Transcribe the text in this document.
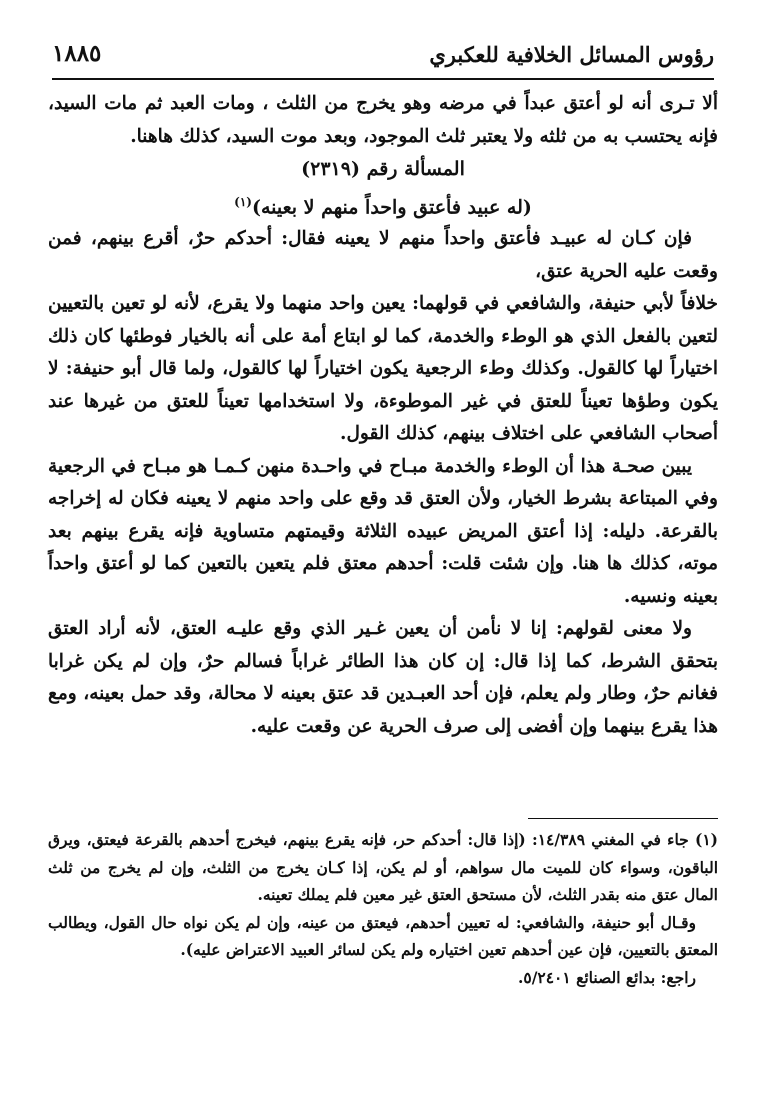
رؤوس المسائل الخلافية للعكبري
١٨٨٥

ألا تـرى أنه لو أعتق عبداً في مرضه وهو يخرج من الثلث ، ومات العبد ثم مات السيد، فإنه يحتسب به من ثلثه ولا يعتبر ثلث الموجود، وبعد موت السيد، كذلك هاهنا.

المسألة رقم (٢٣١٩)

(له عبيد فأعتق واحداً منهم لا بعينه)$^{(١)}$

فإن كـان له عبيـد فأعتق واحداً منهم لا يعينه فقال: أحدكم حرٌ، أقرع بينهم، فمن وقعت عليه الحرية عتق،

خلافاً لأبي حنيفة، والشافعي في قولهما: يعين واحد منهما ولا يقرع، لأنه لو تعين بالتعيين لتعين بالفعل الذي هو الوطء والخدمة، كما لو ابتاع أمة على أنه بالخيار فوطئها كان ذلك اختياراً لها كالقول. وكذلك وطء الرجعية يكون اختياراً لها كالقول، ولما قال أبو حنيفة: لا يكون وطؤها تعيناً للعتق في غير الموطوءة، ولا استخدامها تعيناً للعتق من غيرها عند أصحاب الشافعي على اختلاف بينهم، كذلك القول.

يبين صحـة هذا أن الوطء والخدمة مبـاح في واحـدة منهن كـمـا هو مبـاح في الرجعية وفي المبتاعة بشرط الخيار، ولأن العتق قد وقع على واحد منهم لا يعينه فكان له إخراجه بالقرعة. دليله: إذا أعتق المريض عبيده الثلاثة وقيمتهم متساوية فإنه يقرع بينهم بعد موته، كذلك ها هنا. وإن شئت قلت: أحدهم معتق فلم يتعين بالتعين كما لو أعتق واحداً بعينه ونسيه.

ولا معنى لقولهم: إنا لا نأمن أن يعين غـير الذي وقع عليـه العتق، لأنه أراد العتق بتحقق الشرط، كما إذا قال: إن كان هذا الطائر غراباً فسالم حرٌ، وإن لم يكن غرابا فغانم حرٌ، وطار ولم يعلم، فإن أحد العبـدين قد عتق بعينه لا محالة، وقد حمل بعينه، ومع هذا يقرع بينهما وإن أفضى إلى صرف الحرية عن وقعت عليه.

(١) جاء في المغني ١٤/٣٨٩: (إذا قال: أحدكم حر، فإنه يقرع بينهم، فيخرج أحدهم بالقرعة فيعتق، ويرق الباقون، وسواء كان للميت مال سواهم، أو لم يكن، إذا كـان يخرج من الثلث، وإن لم يخرج من ثلث المال عتق منه بقدر الثلث، لأن مستحق العتق غير معين فلم يملك تعينه.

وقـال أبو حنيفة، والشافعي: له تعيين أحدهم، فيعتق من عينه، وإن لم يكن نواه حال القول، ويطالب المعتق بالتعيين، فإن عين أحدهم تعين اختياره ولم يكن لسائر العبيد الاعتراض عليه).

راجع: بدائع الصنائع ٥/٢٤٠١.
